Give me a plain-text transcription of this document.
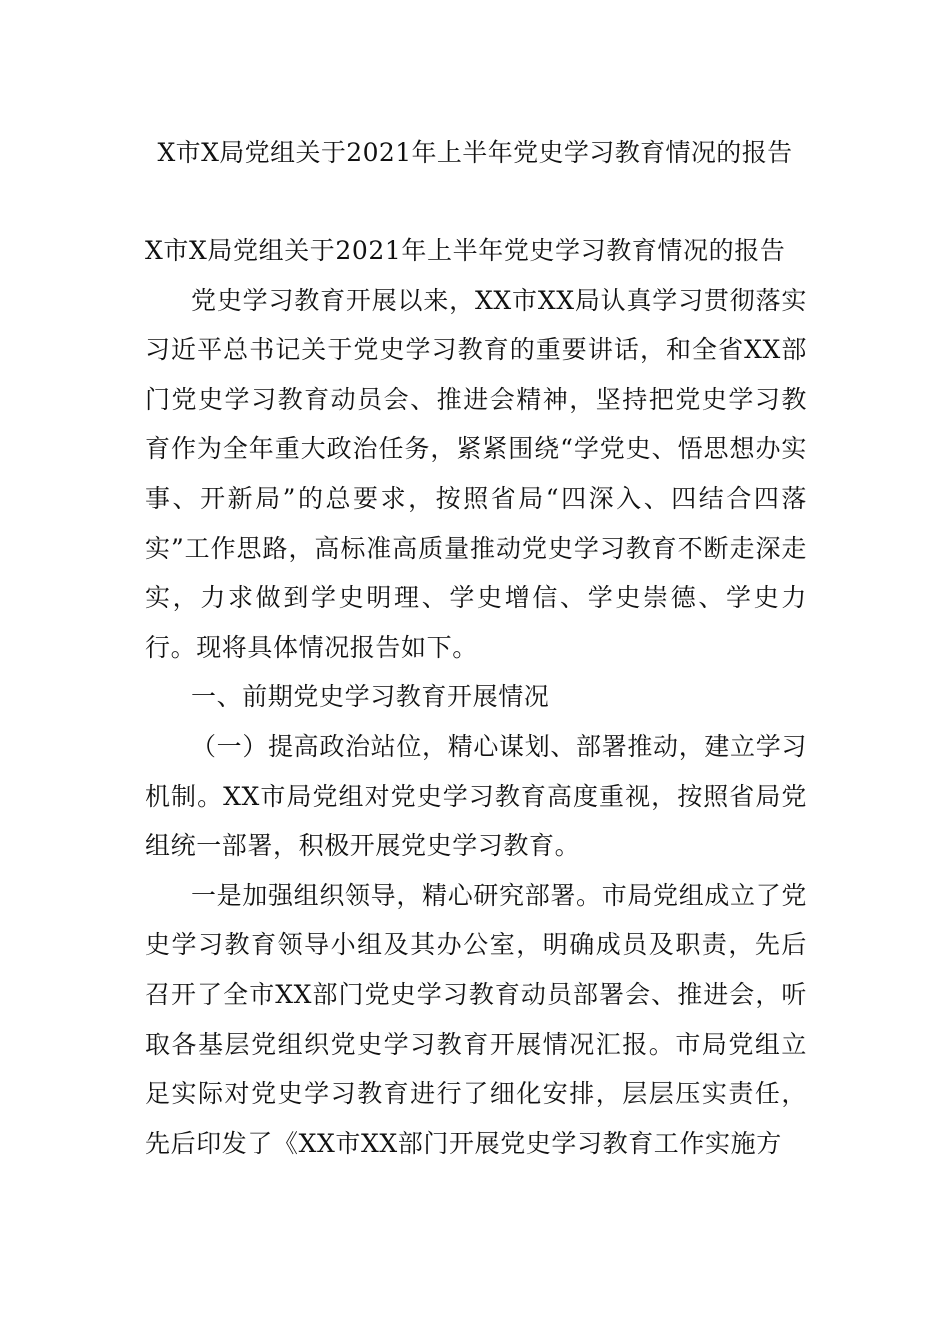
X市X局党组关于2021年上半年党史学习教育情况的报告

X市X局党组关于2021年上半年党史学习教育情况的报告

党史学习教育开展以来，XX市XX局认真学习贯彻落实习近平总书记关于党史学习教育的重要讲话，和全省XX部门党史学习教育动员会、推进会精神，坚持把党史学习教育作为全年重大政治任务，紧紧围绕“学党史、悟思想办实事、开新局”的总要求，按照省局“四深入、四结合四落实”工作思路，高标准高质量推动党史学习教育不断走深走实，力求做到学史明理、学史增信、学史崇德、学史力行。现将具体情况报告如下。

一、前期党史学习教育开展情况

（一）提高政治站位，精心谋划、部署推动，建立学习机制。XX市局党组对党史学习教育高度重视，按照省局党组统一部署，积极开展党史学习教育。

一是加强组织领导，精心研究部署。市局党组成立了党史学习教育领导小组及其办公室，明确成员及职责，先后召开了全市XX部门党史学习教育动员部署会、推进会，听取各基层党组织党史学习教育开展情况汇报。市局党组立足实际对党史学习教育进行了细化安排，层层压实责任，先后印发了《XX市XX部门开展党史学习教育工作实施方
